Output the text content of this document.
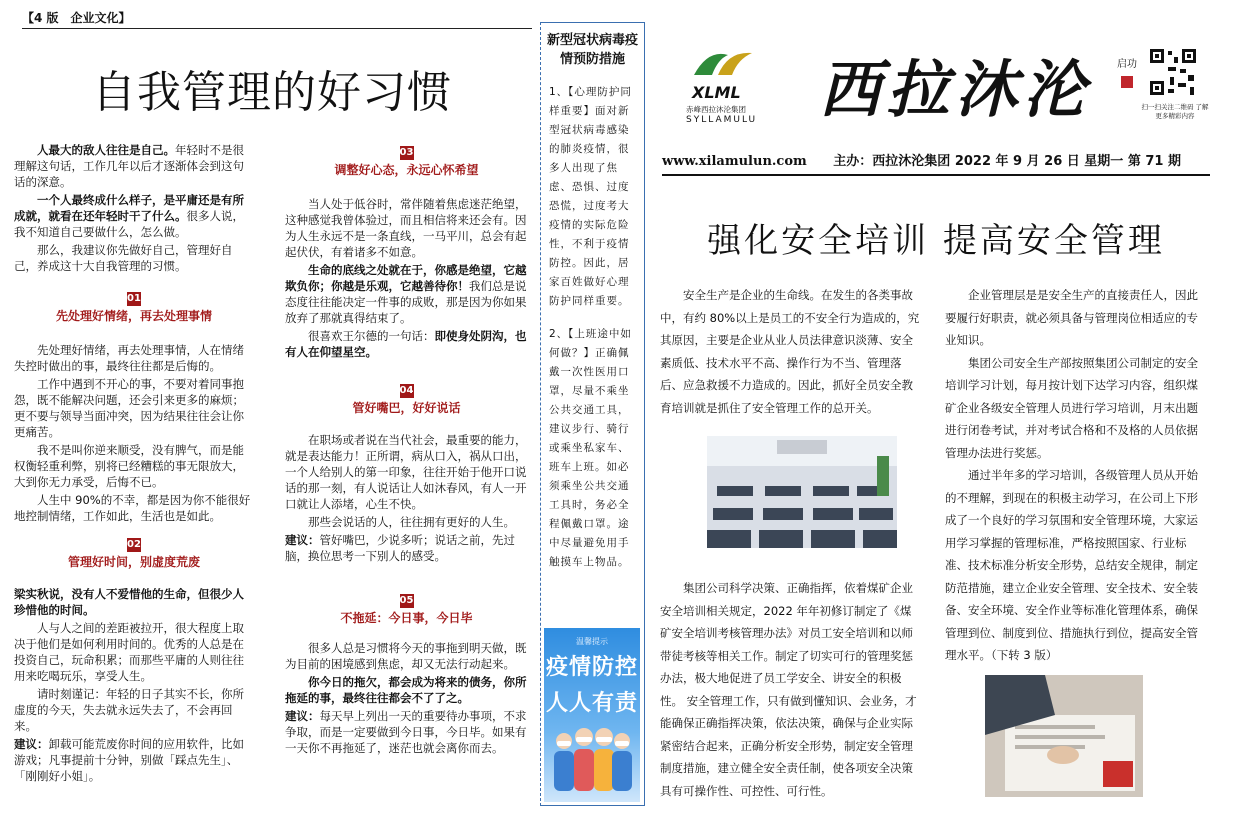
【4 版　企业文化】
自我管理的好习惯

人最大的敌人往往是自己。年轻时不是很理解这句话，工作几年以后才逐渐体会到这句话的深意。

一个人最终成什么样子，是平庸还是有所成就，就看在还年轻时干了什么。很多人说，我不知道自己要做什么，怎么做。

那么，我建议你先做好自己，管理好自己，养成这十大自我管理的习惯。

01
先处理好情绪，再去处理事情

先处理好情绪，再去处理事情，人在情绪失控时做出的事，最终往往都是后悔的。

工作中遇到不开心的事，不要对着同事抱怨，既不能解决问题，还会引来更多的麻烦；更不要与领导当面冲突，因为结果往往会让你更痛苦。

我不是叫你逆来顺受，没有脾气，而是能权衡轻重利弊，别将已经糟糕的事无限放大，大到你无力承受，后悔不已。

人生中 90%的不幸，都是因为你不能很好地控制情绪，工作如此，生活也是如此。

02
管理好时间，别虚度荒废

梁实秋说，没有人不爱惜他的生命，但很少人珍惜他的时间。

人与人之间的差距被拉开，很大程度上取决于他们是如何利用时间的。优秀的人总是在投资自己，玩命积累；而那些平庸的人则往往用来吃喝玩乐，享受人生。

请时刻谨记：年轻的日子其实不长，你所虚度的今天，失去就永远失去了，不会再回来。

建议：卸载可能荒废你时间的应用软件，比如游戏；凡事提前十分钟，别做「踩点先生」、「刚刚好小姐」。

03
调整好心态，永远心怀希望

当人处于低谷时，常伴随着焦虑迷茫绝望，这种感觉我曾体验过，而且相信将来还会有。因为人生永远不是一条直线，一马平川，总会有起起伏伏，有着诸多不如意。

生命的底线之处就在于，你感是绝望，它越欺负你；你越是乐观，它越善待你！我们总是说态度往往能决定一件事的成败，那是因为你如果放弃了那就真得结束了。

很喜欢王尔德的一句话：即使身处阴沟，也有人在仰望星空。

04
管好嘴巴，好好说话

在职场或者说在当代社会，最重要的能力，就是表达能力！正所谓，病从口入，祸从口出，一个人给别人的第一印象，往往开始于他开口说话的那一刻，有人说话让人如沐春风，有人一开口就让人添堵，心生不快。

那些会说话的人，往往拥有更好的人生。

建议：管好嘴巴，少说多听；说话之前，先过脑，换位思考一下别人的感受。

05
不拖延：今日事，今日毕

很多人总是习惯将今天的事拖到明天做，既为目前的困境感到焦虑，却又无法行动起来。

你今日的拖欠，都会成为将来的债务，你所拖延的事，最终往往都会不了了之。

建议：每天早上列出一天的重要待办事项，不求争取，而是一定要做到今日事，今日毕。如果有一天你不再拖延了，迷茫也就会离你而去。

新型冠状病毒疫情预防措施
1、【心理防护同样重要】面对新型冠状病毒感染的肺炎疫情，很多人出现了焦虑、恐惧、过度恐慌，过度考大疫情的实际危险性，不利于疫情防控。因此，居家百姓做好心理防护同样重要。
2、【上班途中如何做？】正确佩戴一次性医用口罩，尽量不乘坐公共交通工具，建议步行、骑行或乘坐私家车、班车上班。如必须乘坐公共交通工具时，务必全程佩戴口罩。途中尽量避免用手触摸车上物品。
温馨提示
疫情防控
人人有责
XLML
赤峰西拉沐沦集团
SYLLAMULU 西拉沐沦	启功
扫一扫关注二维码 了解更多精彩内容
www.xilamulun.com 主办：西拉沐沦集团 2022 年 9 月 26 日 星期一 第 71 期
强化安全培训 提高安全管理

安全生产是企业的生命线。在发生的各类事故中，有约 80%以上是员工的不安全行为造成的，究其原因，主要是企业从业人员法律意识淡薄、安全素质低、技术水平不高、操作行为不当、管理落后、应急救援不力造成的。因此，抓好全员安全教育培训就是抓住了安全管理工作的总开关。

集团公司科学决策、正确指挥，依着煤矿企业安全培训相关规定，2022 年年初修订制定了《煤矿安全培训考核管理办法》对员工安全培训和以师带徒考核等相关工作。制定了切实可行的管理奖惩办法，极大地促进了员工学安全、讲安全的积极性。 安全管理工作，只有做到懂知识、会业务，才能确保正确指挥决策，依法决策，确保与企业实际紧密结合起来，正确分析安全形势，制定安全管理制度措施，建立健全安全责任制，使各项安全决策具有可操作性、可控性、可行性。

企业管理层是是安全生产的直接责任人，因此要履行好职责，就必须具备与管理岗位相适应的专业知识。

集团公司安全生产部按照集团公司制定的安全培训学习计划，每月按计划下达学习内容，组织煤矿企业各级安全管理人员进行学习培训，月末出题进行闭卷考试，并对考试合格和不及格的人员依据管理办法进行奖惩。

通过半年多的学习培训，各级管理人员从开始的不理解，到现在的积极主动学习，在公司上下形成了一个良好的学习氛围和安全管理环境，大家运用学习掌握的管理标准，严格按照国家、行业标准、技术标准分析安全形势，总结安全规律，制定防范措施，建立企业安全管理、安全技术、安全装备、安全环境、安全作业等标准化管理体系，确保管理到位、制度到位、措施执行到位，提高安全管理水平。（下转 3 版）
